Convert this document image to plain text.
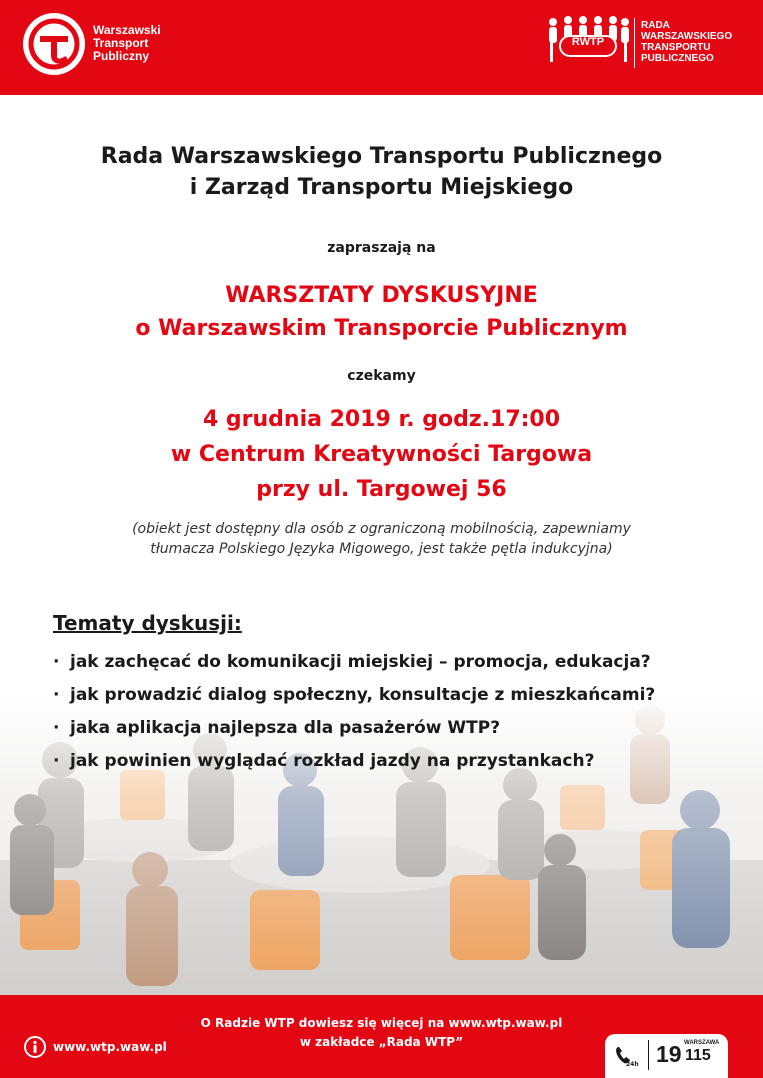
Warszawski
Transport
Publiczny
RWTP
RADA
WARSZAWSKIEGO
TRANSPORTU
PUBLICZNEGO
Rada Warszawskiego Transportu Publicznego
i Zarząd Transportu Miejskiego
zapraszają na
WARSZTATY DYSKUSYJNE
o Warszawskim Transporcie Publicznym
czekamy
4 grudnia 2019 r. godz.17:00
w Centrum Kreatywności Targowa
przy ul. Targowej 56
(obiekt jest dostępny dla osób z ograniczoną mobilnością, zapewniamy
tłumacza Polskiego Języka Migowego, jest także pętla indukcyjna)
Tematy dyskusji:
· jak zachęcać do komunikacji miejskiej – promocja, edukacja?
· jak prowadzić dialog społeczny, konsultacje z mieszkańcami?
· jaka aplikacja najlepsza dla pasażerów WTP?
· jak powinien wyglądać rozkład jazdy na przystankach?
O Radzie WTP dowiesz się więcej na www.wtp.waw.pl
w zakładce „Rada WTP”
www.wtp.waw.pl
24h 19 WARSZAWA
115
